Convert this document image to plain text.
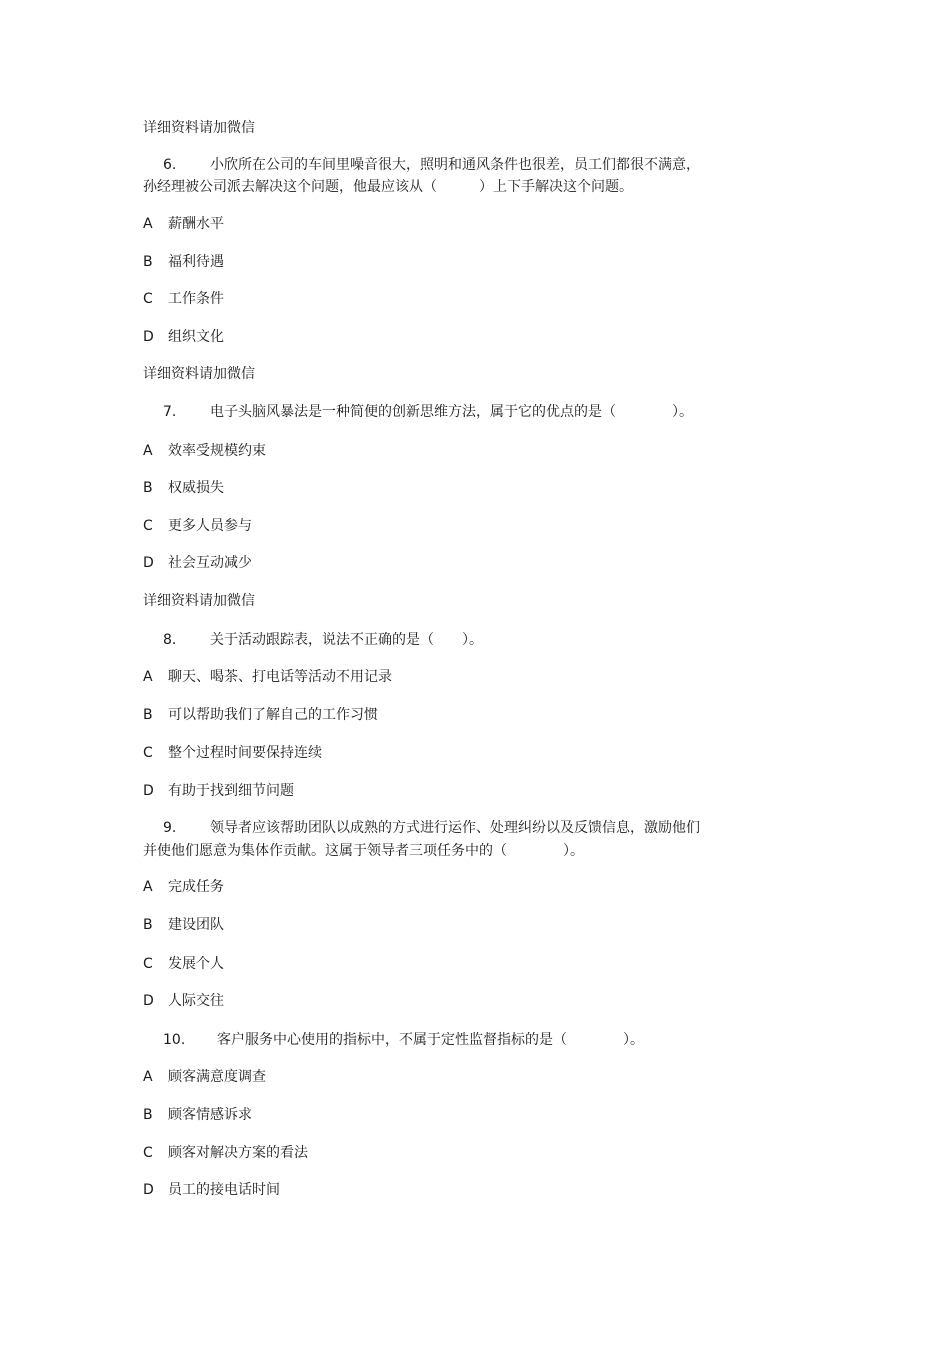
详细资料请加微信
6. 小欣所在公司的车间里噪音很大，照明和通风条件也很差，员工们都很不满意，
孙经理被公司派去解决这个问题，他最应该从（　　　）上下手解决这个问题。
A 薪酬水平
B 福利待遇
C 工作条件
D 组织文化
详细资料请加微信
7. 电子头脑风暴法是一种简便的创新思维方法，属于它的优点的是（　　　　）。
A 效率受规模约束
B 权威损失
C 更多人员参与
D 社会互动减少
详细资料请加微信
8. 关于活动跟踪表，说法不正确的是（　　）。
A 聊天、喝茶、打电话等活动不用记录
B 可以帮助我们了解自己的工作习惯
C 整个过程时间要保持连续
D 有助于找到细节问题
9. 领导者应该帮助团队以成熟的方式进行运作、处理纠纷以及反馈信息，激励他们
并使他们愿意为集体作贡献。这属于领导者三项任务中的（　　　　）。
A 完成任务
B 建设团队
C 发展个人
D 人际交往
10. 客户服务中心使用的指标中，不属于定性监督指标的是（　　　　）。
A 顾客满意度调查
B 顾客情感诉求
C 顾客对解决方案的看法
D 员工的接电话时间
